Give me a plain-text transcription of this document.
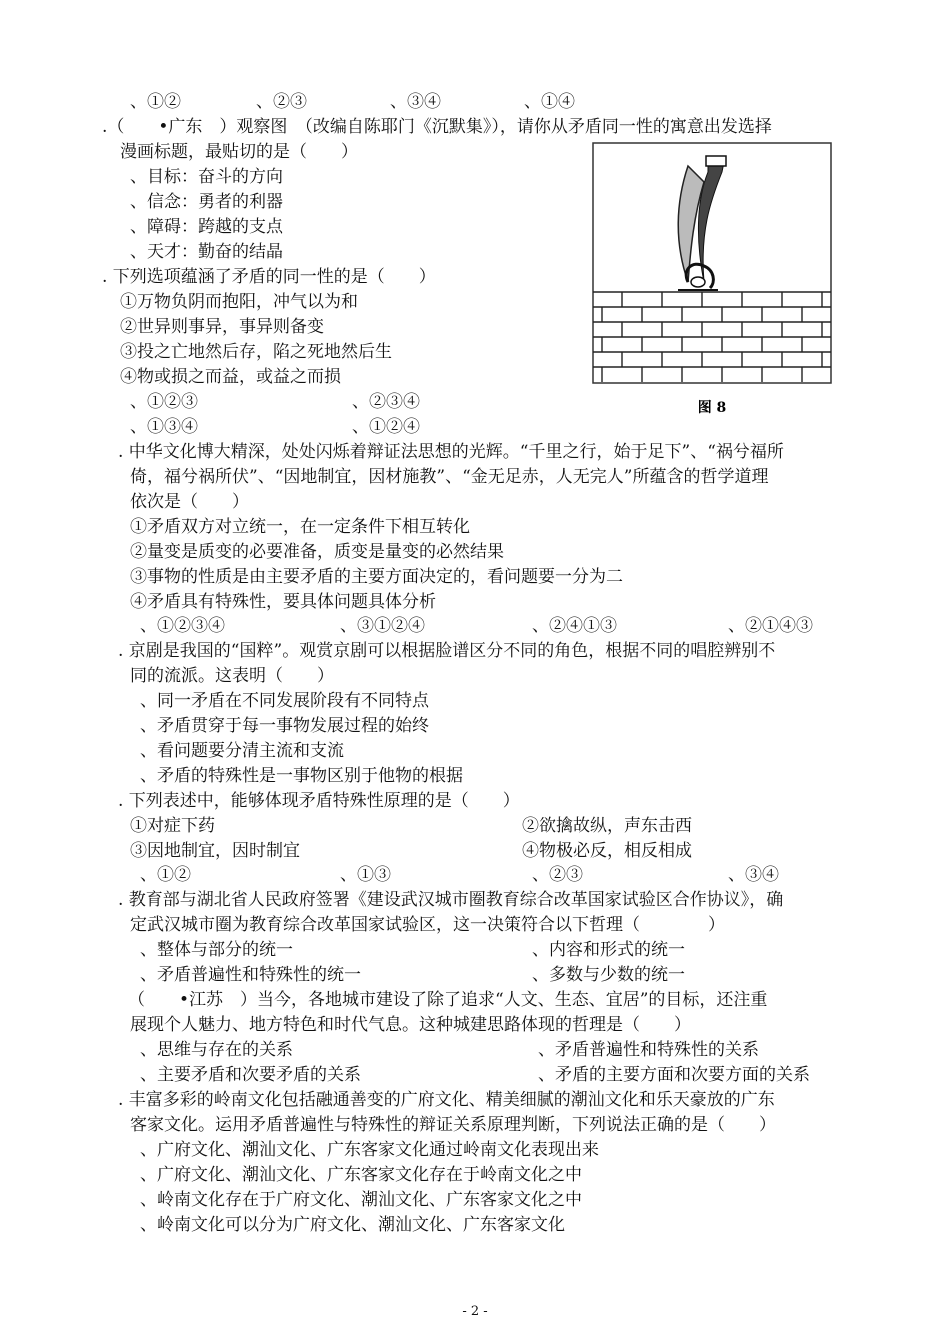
、①②	、②③	、③④	、①④
.（　　•广东　）观察图　（改编自陈耶门《沉默集》），请你从矛盾同一性的寓意出发选择
漫画标题，最贴切的是（　　）
、目标：奋斗的方向
、信念：勇者的利器
、障碍：跨越的支点
、天才：勤奋的结晶
图 8
. 下列选项蕴涵了矛盾的同一性的是（　　）
①万物负阴而抱阳，冲气以为和
②世异则事异，事异则备变
③投之亡地然后存，陷之死地然后生
④物或损之而益，或益之而损
、①②③	、②③④
、①③④	、①②④
. 中华文化博大精深，处处闪烁着辩证法思想的光辉。“千里之行，始于足下”、“祸兮福所
倚，福兮祸所伏”、“因地制宜，因材施教”、“金无足赤，人无完人”所蕴含的哲学道理
依次是（　　）
①矛盾双方对立统一，在一定条件下相互转化
②量变是质变的必要准备，质变是量变的必然结果
③事物的性质是由主要矛盾的主要方面决定的，看问题要一分为二
④矛盾具有特殊性，要具体问题具体分析
、①②③④	、③①②④	、②④①③	、②①④③
. 京剧是我国的“国粹”。观赏京剧可以根据脸谱区分不同的角色，根据不同的唱腔辨别不
同的流派。这表明（　　）
、同一矛盾在不同发展阶段有不同特点
、矛盾贯穿于每一事物发展过程的始终
、看问题要分清主流和支流
、矛盾的特殊性是一事物区别于他物的根据
. 下列表述中，能够体现矛盾特殊性原理的是（　　）
①对症下药	②欲擒故纵，声东击西
③因地制宜，因时制宜	④物极必反，相反相成
、①②	、①③	、②③	、③④
. 教育部与湖北省人民政府签署《建设武汉城市圈教育综合改革国家试验区合作协议》，确
定武汉城市圈为教育综合改革国家试验区，这一决策符合以下哲理（　　　　）
、整体与部分的统一	、内容和形式的统一
、矛盾普遍性和特殊性的统一	、多数与少数的统一
（　　•江苏　）当今，各地城市建设了除了追求“人文、生态、宜居”的目标，还注重
展现个人魅力、地方特色和时代气息。这种城建思路体现的哲理是（　　）
、思维与存在的关系	、矛盾普遍性和特殊性的关系
、主要矛盾和次要矛盾的关系	、矛盾的主要方面和次要方面的关系
. 丰富多彩的岭南文化包括融通善变的广府文化、精美细腻的潮汕文化和乐天豪放的广东
客家文化。运用矛盾普遍性与特殊性的辩证关系原理判断，下列说法正确的是（　　）
、广府文化、潮汕文化、广东客家文化通过岭南文化表现出来
、广府文化、潮汕文化、广东客家文化存在于岭南文化之中
、岭南文化存在于广府文化、潮汕文化、广东客家文化之中
、岭南文化可以分为广府文化、潮汕文化、广东客家文化
- 2 -
